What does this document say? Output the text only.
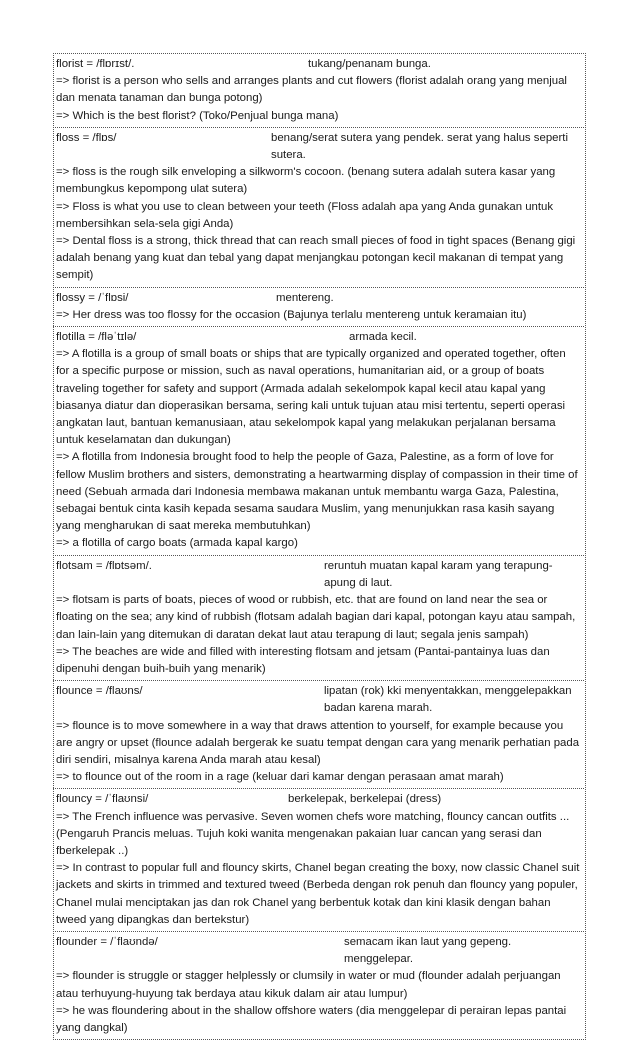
florist = /flɒrɪst/.	tukang/penanam bunga.
=> florist is a person who sells and arranges plants and cut flowers (florist adalah orang yang menjual dan menata tanaman dan bunga potong)
=> Which is the best florist? (Toko/Penjual bunga mana)
floss = /flɒs/	benang/serat sutera yang pendek. serat yang halus seperti sutera.
=> floss is the rough silk enveloping a silkworm's cocoon. (benang sutera adalah sutera kasar yang membungkus kepompong ulat sutera)
=> Floss is what you use to clean between your teeth (Floss adalah apa yang Anda gunakan untuk membersihkan sela-sela gigi Anda)
=> Dental floss is a strong, thick thread that can reach small pieces of food in tight spaces (Benang gigi adalah benang yang kuat dan tebal yang dapat menjangkau potongan kecil makanan di tempat yang sempit)
flossy = /ˈflɒsi/	mentereng.
=> Her dress was too flossy for the occasion (Bajunya terlalu mentereng untuk keramaian itu)
flotilla = /fləˈtɪlə/	armada kecil.
=> A flotilla is a group of small boats or ships that are typically organized and operated together, often for a specific purpose or mission, such as naval operations, humanitarian aid, or a group of boats traveling together for safety and support (Armada adalah sekelompok kapal kecil atau kapal yang biasanya diatur dan dioperasikan bersama, sering kali untuk tujuan atau misi tertentu, seperti operasi angkatan laut, bantuan kemanusiaan, atau sekelompok kapal yang melakukan perjalanan bersama untuk keselamatan dan dukungan)
=> A flotilla from Indonesia brought food to help the people of Gaza, Palestine, as a form of love for fellow Muslim brothers and sisters, demonstrating a heartwarming display of compassion in their time of need (Sebuah armada dari Indonesia membawa makanan untuk membantu warga Gaza, Palestina, sebagai bentuk cinta kasih kepada sesama saudara Muslim, yang menunjukkan rasa kasih sayang yang mengharukan di saat mereka membutuhkan)
=> a flotilla of cargo boats (armada kapal kargo)
flotsam = /flɒtsəm/.	reruntuh muatan kapal karam yang terapung-apung di laut.
=> flotsam is parts of boats, pieces of wood or rubbish, etc. that are found on land near the sea or floating on the sea; any kind of rubbish (flotsam adalah bagian dari kapal, potongan kayu atau sampah, dan lain-lain yang ditemukan di daratan dekat laut atau terapung di laut; segala jenis sampah)
=> The beaches are wide and filled with interesting flotsam and jetsam (Pantai-pantainya luas dan dipenuhi dengan buih-buih yang menarik)
flounce = /flaʊns/	lipatan (rok) kki menyentakkan, menggelepakkan badan karena marah.
=> flounce is to move somewhere in a way that draws attention to yourself, for example because you are angry or upset (flounce adalah bergerak ke suatu tempat dengan cara yang menarik perhatian pada diri sendiri, misalnya karena Anda marah atau kesal)
=> to flounce out of the room in a rage (keluar dari kamar dengan perasaan amat marah)
flouncy = /ˈflaʊnsi/	berkelepak, berkelepai (dress)
=> The French influence was pervasive. Seven women chefs wore matching, flouncy cancan outfits ... (Pengaruh Prancis meluas. Tujuh koki wanita mengenakan pakaian luar cancan yang serasi dan fberkelepak ..)
=> In contrast to popular full and flouncy skirts, Chanel began creating the boxy, now classic Chanel suit jackets and skirts in trimmed and textured tweed (Berbeda dengan rok penuh dan flouncy yang populer, Chanel mulai menciptakan jas dan rok Chanel yang berbentuk kotak dan kini klasik dengan bahan tweed yang dipangkas dan bertekstur)
flounder = /ˈflaʊndə/	semacam ikan laut yang gepeng. menggelepar.
=> flounder is struggle or stagger helplessly or clumsily in water or mud (flounder adalah perjuangan atau terhuyung-huyung tak berdaya atau kikuk dalam air atau lumpur)
=> he was floundering about in the shallow offshore waters (dia menggelepar di perairan lepas pantai yang dangkal)
